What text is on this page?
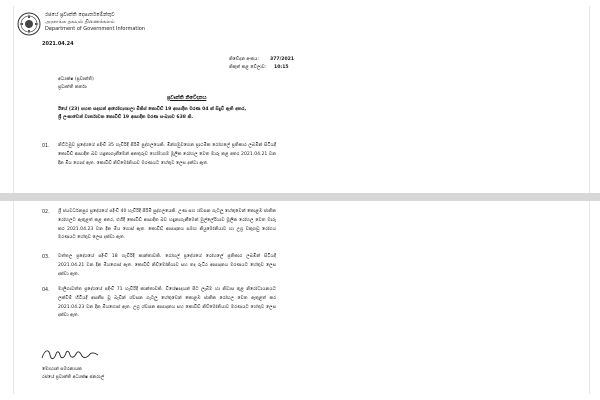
රජයේ ප්‍රවෘත්ති දෙපාර්තමේන්තුව
அரசாங்க தகவல் திணைக்களம்
Department of Government Information
2021.04.24
නිවේදන අංකය: 377/2021
නිකුත් කළ වේලාව: 10:15
අධ්‍යක්ෂ (ප්‍රවෘත්ති)
ප්‍රවෘත්ති කර්තෘ
ප්‍රවෘත්ති නිවේදනය
ඊයේ (23) පහත සඳහන් ආරෝග්‍යශාලා මිනිස් කොවිඩ් 19 ආසාදිත මරණ 04 ක් සිදුවී ඇති අතර,
ශ්‍රී ලංකාවෙන් වාර්තාවන කොවිඩ් 19 ආසාදිත මරණ සංඛ්‍යාව 638 කි.
01. නිට්ටඹුව ප්‍රදේශයේ පදිංචි 35 හැවිරිදි පිරිමි පුද්ගලයෙකි. මින්ගමුවගෙන ප්‍රාථමික රෝහලේ ප්‍රතිකාර ලබමින් සිටියදී කොවිඩ් ආසාදිත බව හඳුනාගැනීමෙන් අනතුරුව හෝමාගම මූලික රෝහල වෙත මාරු කළ අතර 2021.04.21 වන දින මිය ගොස් ඇත. කොවිඩ් නිව්මෝනියාව මරණයට හේතුව ලෙස දක්වා ඇත.
02. ශ්‍රී ජයවර්ධනපුර ප්‍රදේශයේ පදිංචි 40 හැවිරිදි පිරිමි පුද්ගලයෙකි. උණ සහ ශ්වසන ගැටලු හේතුවෙන් කොළඹ ජාතික රෝහලට ඇතුළත් කළ අතර, එහිදී කොවිඩ් ආසාදිත බව හඳුනාගැනීමෙන් මුල්ලේරියාව මූලික රෝහල වෙත මාරු කර 2021.04.23 වන දින මිය ගොස් ඇත. කොවිඩ් ආසාදනය සමඟ නියුමෝනියාව හා උග්‍ර වකුගඩු රෝගය මරණයට හේතුව ලෙස දක්වා ඇත.
03. වත්තල ප්‍රදේශයේ පදිංචි 18 හැවිරිදි කාන්තාවකි. රෝහල් ප්‍රදේශයේ රෝහලේ ප්‍රතිකාර ලබමින් සිටියදී 2021.04.21 වන දින මියගොස් ඇත. කොවිඩ් නිව්මෝනියාව සහ තද රුධිර ආසාදනය මරණයට හේතුව ලෙස දක්වා ඇත.
04. මාලිගාවත්ත ප්‍රදේශයේ පදිංචි 71 හැවිරිදි කාන්තාවකි. විශේෂඥයන් පිට ලැබීම හා නිවාස තුළ නිරෝධායනයට ලක්වීම් හිටියදී අසනීප වූ බැවින් ශ්වසන ගැටලු හේතුවෙන් කොළඹ ජාතික රෝහල වෙත ඇතුළත් කර 2021.04.23 වන දින මියගොස් ඇත. උග්‍ර ශ්වසන ආසාදනය සහ කොවිඩ් නිව්මෝනියාව මරණයට හේතුව ලෙස දක්වා ඇත.
මොහාන් සමරනායක
රජයේ ප්‍රවෘත්ති අධ්‍යක්ෂ ජනරාල්
